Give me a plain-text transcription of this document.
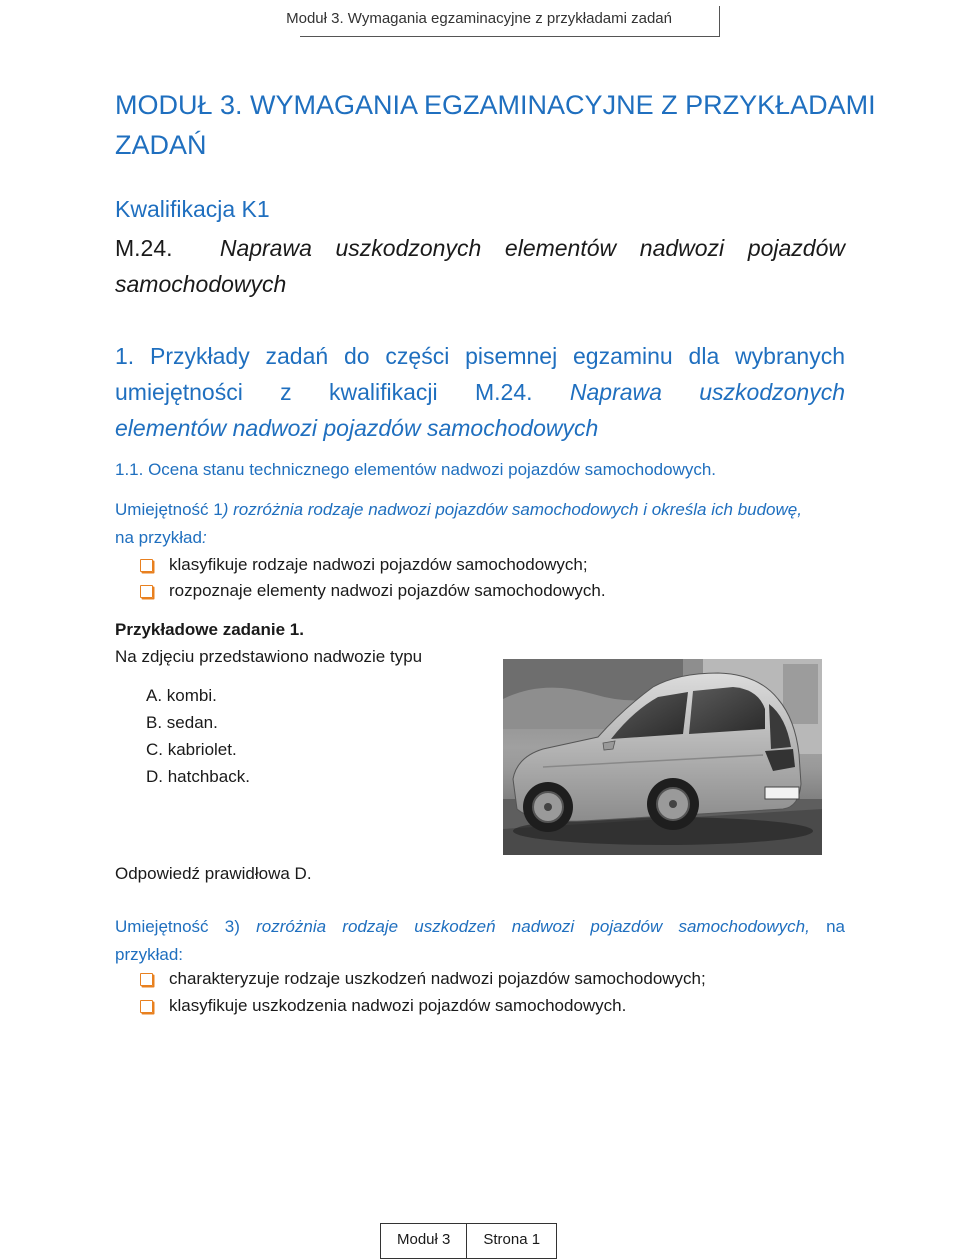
Moduł 3. Wymagania egzaminacyjne z przykładami zadań
MODUŁ 3. WYMAGANIA EGZAMINACYJNE Z PRZYKŁADAMI
ZADAŃ
Kwalifikacja K1
M.24. Naprawa uszkodzonych elementów nadwozi pojazdów
samochodowych
1. Przykłady zadań do części pisemnej egzaminu dla wybranych
umiejętności z kwalifikacji M.24. Naprawa uszkodzonych
elementów nadwozi pojazdów samochodowych
1.1. Ocena stanu technicznego elementów nadwozi pojazdów samochodowych.
Umiejętność 1) rozróżnia rodzaje nadwozi pojazdów samochodowych i określa ich budowę,
na przykład:
klasyfikuje rodzaje nadwozi pojazdów samochodowych;
rozpoznaje elementy nadwozi pojazdów samochodowych.
Przykładowe zadanie 1.
Na zdjęciu przedstawiono nadwozie typu
A. kombi.
B. sedan.
C. kabriolet.
D. hatchback.
Odpowiedź prawidłowa D.
Umiejętność 3) rozróżnia rodzaje uszkodzeń nadwozi pojazdów samochodowych, na
przykład:
charakteryzuje rodzaje uszkodzeń nadwozi pojazdów samochodowych;
klasyfikuje uszkodzenia nadwozi pojazdów samochodowych.
Moduł 3	Strona 1
